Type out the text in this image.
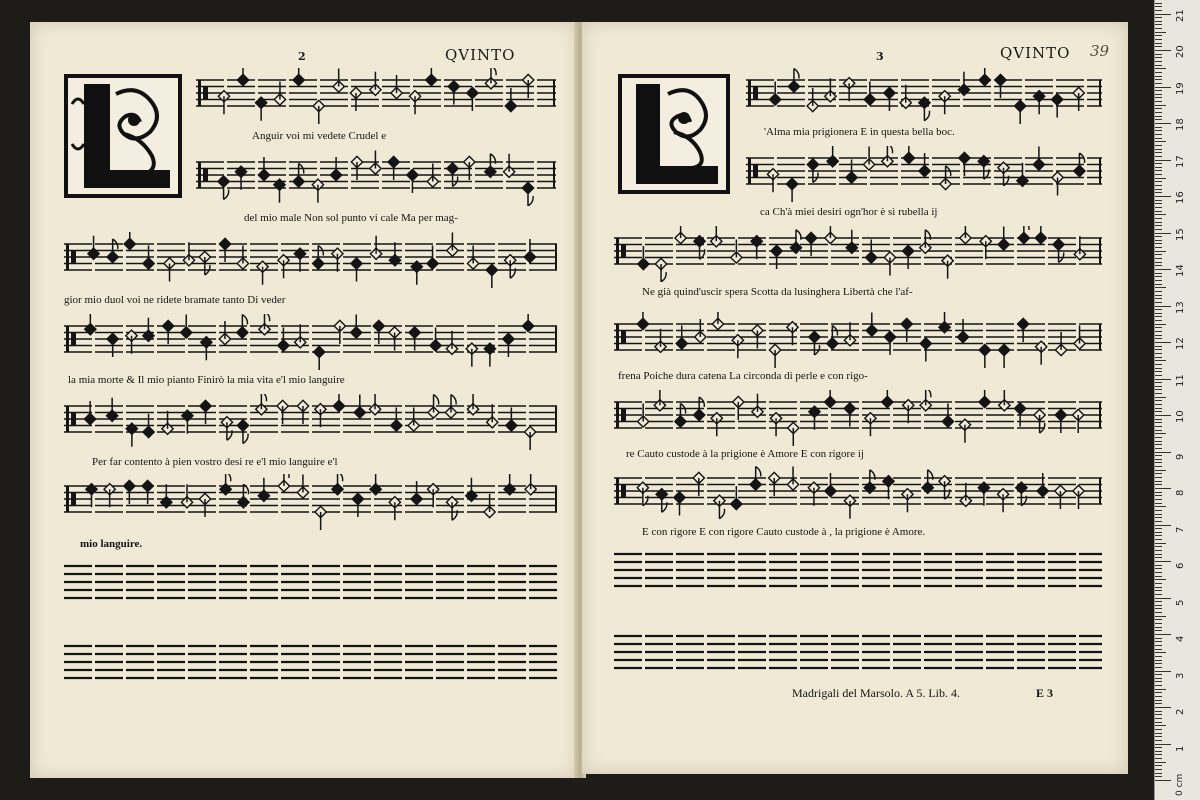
2	QVINTO
Anguir voi mi vedete Crudel e
del mio male Non sol punto vi cale Ma per mag-
gior mio duol voi ne ridete bramate tanto Di veder
la mia morte & Il mio pianto Finirò la mia vita e'l mio languire
Per far contento à pien vostro desi re e'l mio languire e'l
mio languire.
3	QVINTO 39
'Alma mia prigionera E in questa bella boc.
ca Ch'à miei desiri ogn'hor è sì rubella ij
Ne già quind'uscir spera Scotta da lusinghera Libertà che l'af-
frena Poiche dura catena La circonda di perle e con rigo-
re Cauto custode à la prigione è Amore E con rigore ij
E con rigore E con rigore Cauto custode à , la prigione è Amore.
Madrigali del Marsolo. A 5. Lib. 4.	E 3
0 cm
1
2
3
4
5
6
7
8
9
10
11
12
13
14
15
16
17
18
19
20
21
